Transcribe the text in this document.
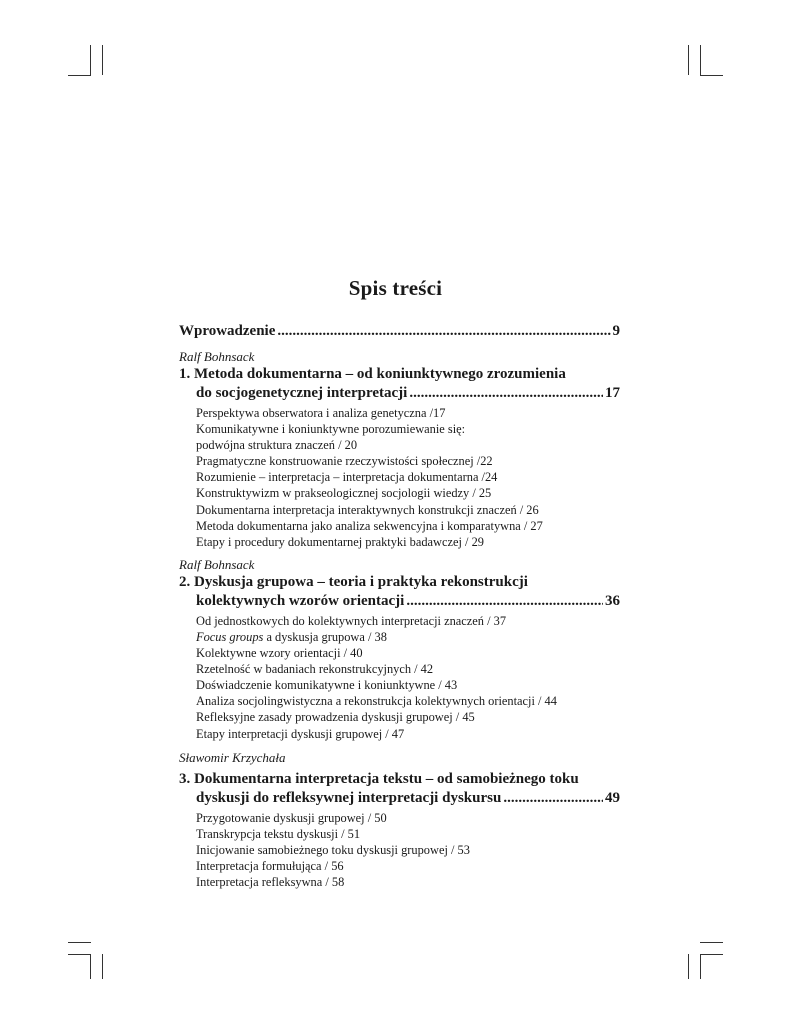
Spis treści
Wprowadzenie .....	9
Ralf Bohnsack
1. Metoda dokumentarna – od koniunktywnego zrozumienia
do socjogenetycznej interpretacji .....	17
Perspektywa obserwatora i analiza genetyczna /17
Komunikatywne i koniunktywne porozumiewanie się:
podwójna struktura znaczeń / 20
Pragmatyczne konstruowanie rzeczywistości społecznej /22
Rozumienie – interpretacja – interpretacja dokumentarna /24
Konstruktywizm w prakseologicznej socjologii wiedzy / 25
Dokumentarna interpretacja interaktywnych konstrukcji znaczeń / 26
Metoda dokumentarna jako analiza sekwencyjna i komparatywna / 27
Etapy i procedury dokumentarnej praktyki badawczej / 29
Ralf Bohnsack
2. Dyskusja grupowa – teoria i praktyka rekonstrukcji
kolektywnych wzorów orientacji .....	36
Od jednostkowych do kolektywnych interpretacji znaczeń / 37
Focus groups a dyskusja grupowa / 38
Kolektywne wzory orientacji / 40
Rzetelność w badaniach rekonstrukcyjnych / 42
Doświadczenie komunikatywne i koniunktywne / 43
Analiza socjolingwistyczna a rekonstrukcja kolektywnych orientacji / 44
Refleksyjne zasady prowadzenia dyskusji grupowej / 45
Etapy interpretacji dyskusji grupowej / 47
Sławomir Krzychała
3. Dokumentarna interpretacja tekstu – od samobieżnego toku
dyskusji do refleksywnej interpretacji dyskursu .....	49
Przygotowanie dyskusji grupowej / 50
Transkrypcja tekstu dyskusji / 51
Inicjowanie samobieżnego toku dyskusji grupowej / 53
Interpretacja formułująca / 56
Interpretacja refleksywna / 58
